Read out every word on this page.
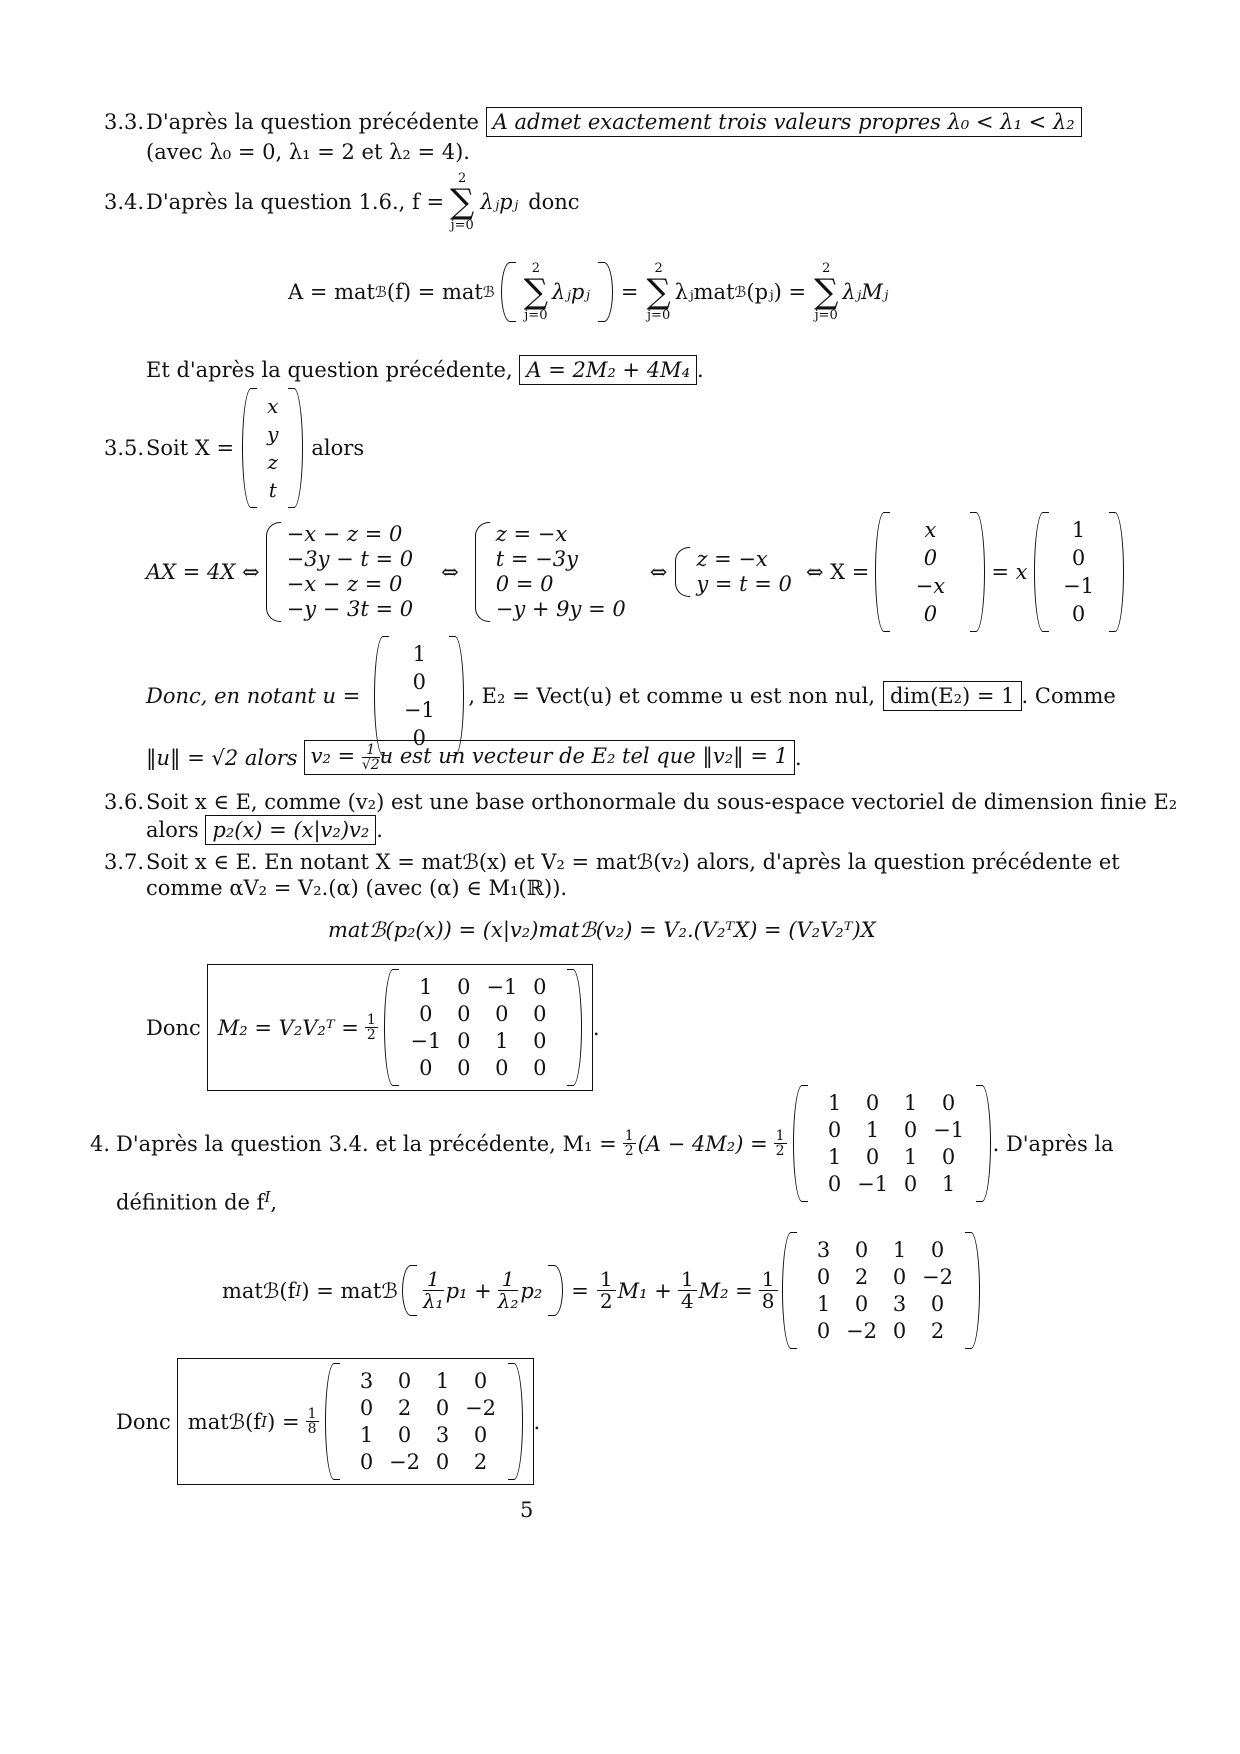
3.3.D'après la question précédente A admet exactement trois valeurs propres λ₀ < λ₁ < λ₂
(avec λ₀ = 0, λ₁ = 2 et λ₂ = 4).
3.4. D'après la question 1.6., f =
2
∑
j=0
λⱼpⱼ donc
A = mat ℬ (f) = mat ℬ
2
∑
j=0
λⱼpⱼ =
2
∑
j=0
λⱼmat ℬ (pⱼ) =
2
∑
j=0
λⱼMⱼ
Et d'après la question précédente, A = 2M₂ + 4M₄ .
3.5. Soit X =
x
y
z
t
alors
AX = 4X ⇔
−x − z = 0
−3y − t = 0
−x − z = 0
−y − 3t = 0
⇔
z = −x
t = −3y
0 = 0
−y + 9y = 0
⇔
z = −x
y = t = 0 ⇔ X =
x
0
−x
0
= x
1
0
−1
0
Donc, en notant u =
1
0
−1
0
, E₂ = Vect(u) et comme u est non nul, dim(E₂) = 1 . Comme
‖u‖ = √2 alors $v_2 = \frac{1}{√2}$ u est un vecteur de E₂ tel que ‖v₂‖ = 1 .
3.6.Soit x ∈ E, comme (v₂) est une base orthonormale du sous-espace vectoriel de dimension finie E₂
alors p₂(x) = (x|v₂)v₂ .
3.7.Soit x ∈ E. En notant X = matℬ(x) et V₂ = matℬ(v₂) alors, d'après la question précédente et
comme αV₂ = V₂.(α) (avec (α) ∈ M₁(ℝ)).
matℬ(p₂(x)) = (x|v₂)matℬ(v₂) = V₂.(V₂ᵀX) = (V₂V₂ᵀ)X
Donc M₂ = V₂V₂ᵀ = $\frac{1}{2}$
1	0 −1 0
0	0	0	0
−1 0	1	0
0	0	0	0
.
4. D'après la question 3.4. et la précédente, $M_1 = \frac{1}{2} (A - 4M_2) = \frac{1}{2}$
1	0	1	0
0	1	0 −1
1	0	1	0
0 −1 0	1
. D'après la
définition de $f^I$,
matℬ(f I ) = matℬ $\frac{1}{\text{λ₁}} p_1 + \frac{1}{\text{λ₂}} p_2 = \frac{1}{2} M_1 + \frac{1}{4} M_2 = \frac{1}{8}$
3	0	1	0
0	2	0 −2
1	0	3	0
0 −2 0	2
Donc matℬ(f I ) = $\frac{1}{8}$
3	0	1	0
0	2	0 −2
1	0	3	0
0 −2 0	2
.
5
